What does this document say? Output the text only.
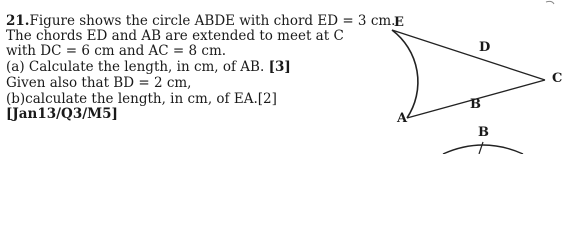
21.Figure shows the circle ABDE with chord ED = 3 cm.
The chords ED and AB are extended to meet at C
with DC = 6 cm and AC = 8 cm.
(a) Calculate the length, in cm, of AB. [3]
Given also that BD = 2 cm,
(b)calculate the length, in cm, of EA.[2]
[Jan13/Q3/M5]
E
D
C
B
A
B
